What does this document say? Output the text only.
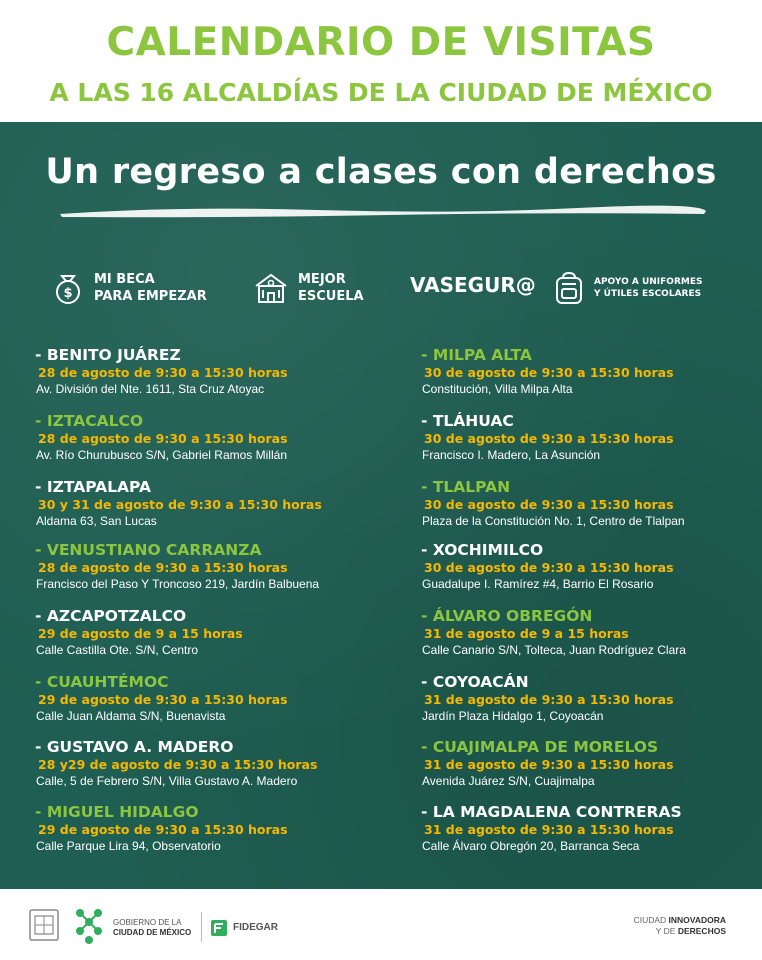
CALENDARIO DE VISITAS
A LAS 16 ALCALDÍAS DE LA CIUDAD DE MÉXICO
Un regreso a clases con derechos
$
MI BECA
PARA EMPEZAR
MEJOR
ESCUELA VASEGUR@	APOYO A UNIFORMES
Y ÚTILES ESCOLARES
- BENITO JUÁREZ
28 de agosto de 9:30 a 15:30 horas
Av. División del Nte. 1611, Sta Cruz Atoyac
- IZTACALCO
28 de agosto de 9:30 a 15:30 horas
Av. Río Churubusco S/N, Gabriel Ramos Millán
- IZTAPALAPA
30 y 31 de agosto de 9:30 a 15:30 horas
Aldama 63, San Lucas
- VENUSTIANO CARRANZA
28 de agosto de 9:30 a 15:30 horas
Francisco del Paso Y Troncoso 219, Jardín Balbuena
- AZCAPOTZALCO
29 de agosto de 9 a 15 horas
Calle Castilla Ote. S/N, Centro
- CUAUHTÉMOC
29 de agosto de 9:30 a 15:30 horas
Calle Juan Aldama S/N, Buenavista
- GUSTAVO A. MADERO
28 y29 de agosto de 9:30 a 15:30 horas
Calle, 5 de Febrero S/N, Villa Gustavo A. Madero
- MIGUEL HIDALGO
29 de agosto de 9:30 a 15:30 horas
Calle Parque Lira 94, Observatorio
- MILPA ALTA
30 de agosto de 9:30 a 15:30 horas
Constitución, Villa Milpa Alta
- TLÁHUAC
30 de agosto de 9:30 a 15:30 horas
Francisco I. Madero, La Asunción
- TLALPAN
30 de agosto de 9:30 a 15:30 horas
Plaza de la Constitución No. 1, Centro de Tlalpan
- XOCHIMILCO
30 de agosto de 9:30 a 15:30 horas
Guadalupe I. Ramírez #4, Barrio El Rosario
- ÁLVARO OBREGÓN
31 de agosto de 9 a 15 horas
Calle Canario S/N, Tolteca, Juan Rodríguez Clara
- COYOACÁN
31 de agosto de 9:30 a 15:30 horas
Jardín Plaza Hidalgo 1, Coyoacán
- CUAJIMALPA DE MORELOS
31 de agosto de 9:30 a 15:30 horas
Avenida Juárez S/N, Cuajimalpa
- LA MAGDALENA CONTRERAS
31 de agosto de 9:30 a 15:30 horas
Calle Álvaro Obregón 20, Barranca Seca
GOBIERNO DE LA
CIUDAD DE MÉXICO	FIDEGAR
CIUDAD INNOVADORA
Y DE DERECHOS
